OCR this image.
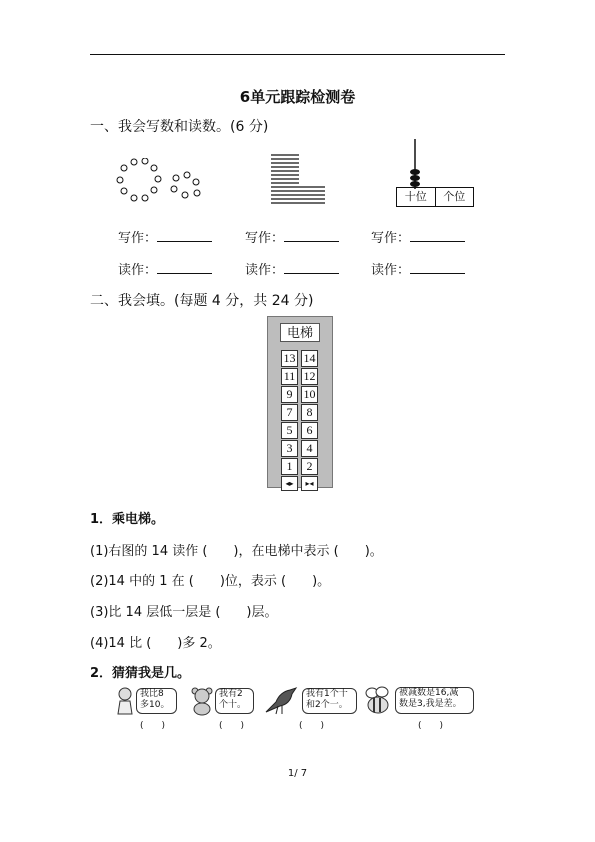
6单元跟踪检测卷
一、我会写数和读数。(6 分)
十位	个位
写作：	写作：	写作：
读作：	读作：	读作：
二、我会填。(每题 4 分，共 24 分)
电梯
13 14
11 12
9 10
7	8
5	6
3	4
1	2
◂▸	▸◂
1．乘电梯。
(1)右图的 14 读作 (　　)，在电梯中表示 (　　)。
(2)14 中的 1 在 (　　)位，表示 (　　)。
(3)比 14 层低一层是 (　　)层。
(4)14 比 (　　)多 2。
2．猜猜我是几。
我比8
多10。
(　　)
我有2
个十。
(　　)
我有1个十
和2个一。
(　　)
被减数是16,减
数是3,我是差。
(　　)
1/ 7
